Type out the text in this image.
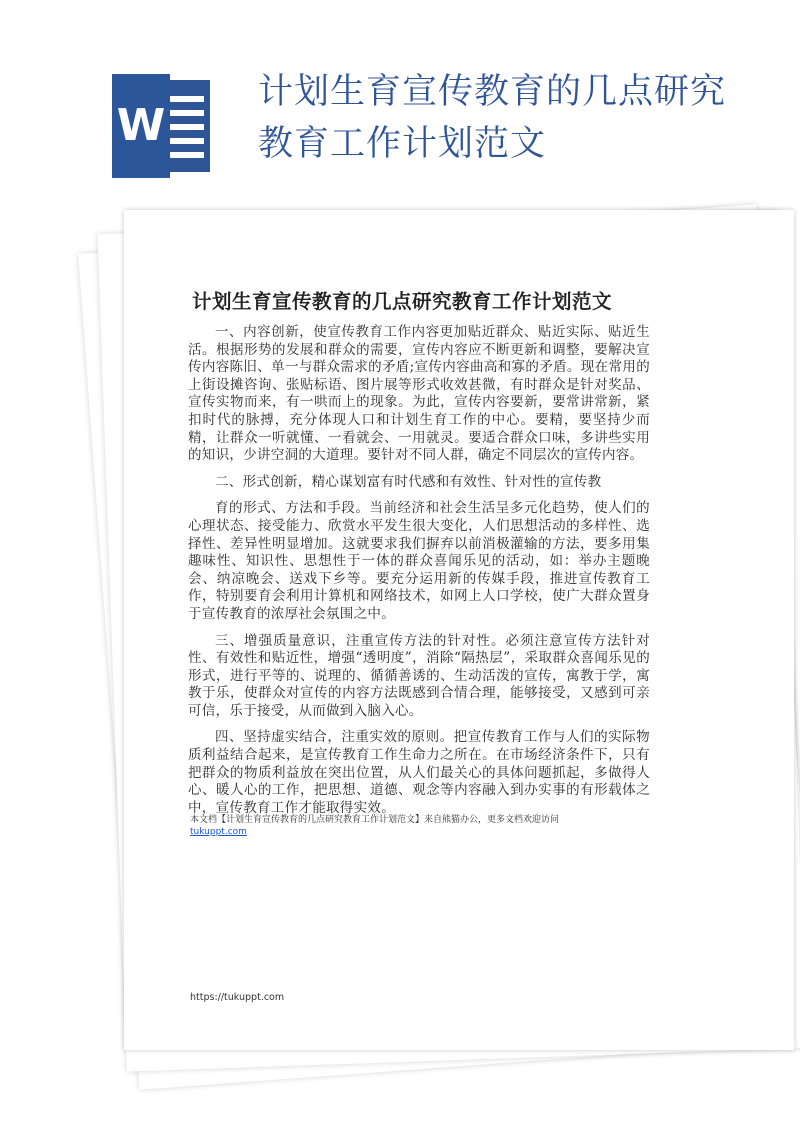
W
计划生育宣传教育的几点研究
教育工作计划范文
计划生育宣传教育的几点研究教育工作计划范文

一、内容创新，使宣传教育工作内容更加贴近群众、贴近实际、贴近生活。根据形势的发展和群众的需要，宣传内容应不断更新和调整，要解决宣传内容陈旧、单一与群众需求的矛盾;宣传内容曲高和寡的矛盾。现在常用的上街设摊咨询、张贴标语、图片展等形式收效甚微，有时群众是针对奖品、宣传实物而来，有一哄而上的现象。为此，宣传内容要新，要常讲常新，紧扣时代的脉搏，充分体现人口和计划生育工作的中心。要精，要坚持少而精，让群众一听就懂、一看就会、一用就灵。要适合群众口味，多讲些实用的知识，少讲空洞的大道理。要针对不同人群，确定不同层次的宣传内容。

二、形式创新，精心谋划富有时代感和有效性、针对性的宣传教

育的形式、方法和手段。当前经济和社会生活呈多元化趋势，使人们的心理状态、接受能力、欣赏水平发生很大变化，人们思想活动的多样性、选择性、差异性明显增加。这就要求我们摒弃以前消极灌输的方法，要多用集趣味性、知识性、思想性于一体的群众喜闻乐见的活动，如：举办主题晚会、纳凉晚会、送戏下乡等。要充分运用新的传媒手段，推进宣传教育工作，特别要育会利用计算机和网络技术，如网上人口学校，使广大群众置身于宣传教育的浓厚社会氛围之中。

三、增强质量意识，注重宣传方法的针对性。必须注意宣传方法针对性、有效性和贴近性，增强“透明度”，消除“隔热层”，采取群众喜闻乐见的形式，进行平等的、说理的、循循善诱的、生动活泼的宣传，寓教于学，寓教于乐，使群众对宣传的内容方法既感到合情合理，能够接受，又感到可亲可信，乐于接受，从而做到入脑入心。

四、坚持虚实结合，注重实效的原则。把宣传教育工作与人们的实际物质利益结合起来，是宣传教育工作生命力之所在。在市场经济条件下，只有把群众的物质利益放在突出位置，从人们最关心的具体问题抓起，多做得人心、暖人心的工作，把思想、道德、观念等内容融入到办实事的有形载体之中，宣传教育工作才能取得实效。

本文档【计划生育宣传教育的几点研究教育工作计划范文】来自熊猫办公，更多文档欢迎访问
tukuppt.com
https://tukuppt.com
